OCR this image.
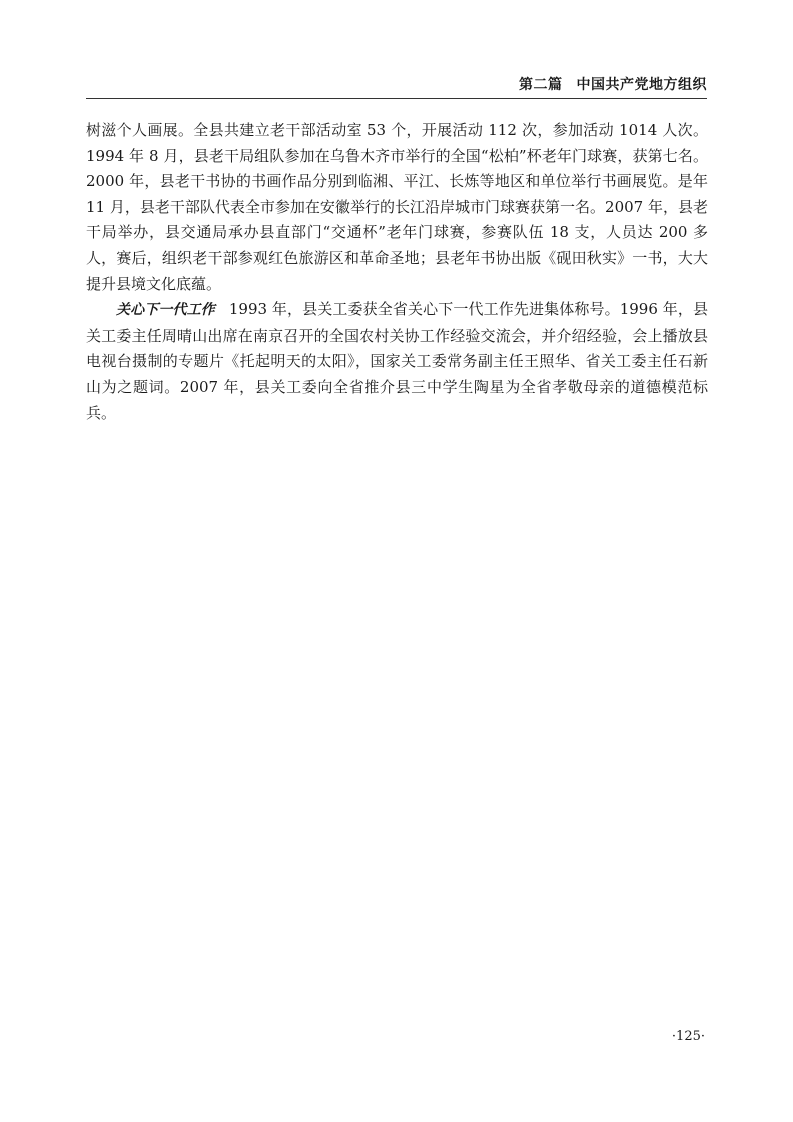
第二篇 中国共产党地方组织

树滋个人画展。全县共建立老干部活动室 53 个，开展活动 112 次，参加活动 1014 人次。1994 年 8 月，县老干局组队参加在乌鲁木齐市举行的全国“松柏”杯老年门球赛，获第七名。2000 年，县老干书协的书画作品分别到临湘、平江、长炼等地区和单位举行书画展览。是年 11 月，县老干部队代表全市参加在安徽举行的长江沿岸城市门球赛获第一名。2007 年，县老干局举办，县交通局承办县直部门“交通杯”老年门球赛，参赛队伍 18 支，人员达 200 多人，赛后，组织老干部参观红色旅游区和革命圣地；县老年书协出版《砚田秋实》一书，大大提升县境文化底蕴。

关心下一代工作 1993 年，县关工委获全省关心下一代工作先进集体称号。1996 年，县关工委主任周晴山出席在南京召开的全国农村关协工作经验交流会，并介绍经验，会上播放县电视台摄制的专题片《托起明天的太阳》，国家关工委常务副主任王照华、省关工委主任石新山为之题词。2007 年，县关工委向全省推介县三中学生陶星为全省孝敬母亲的道德模范标兵。

·125·
